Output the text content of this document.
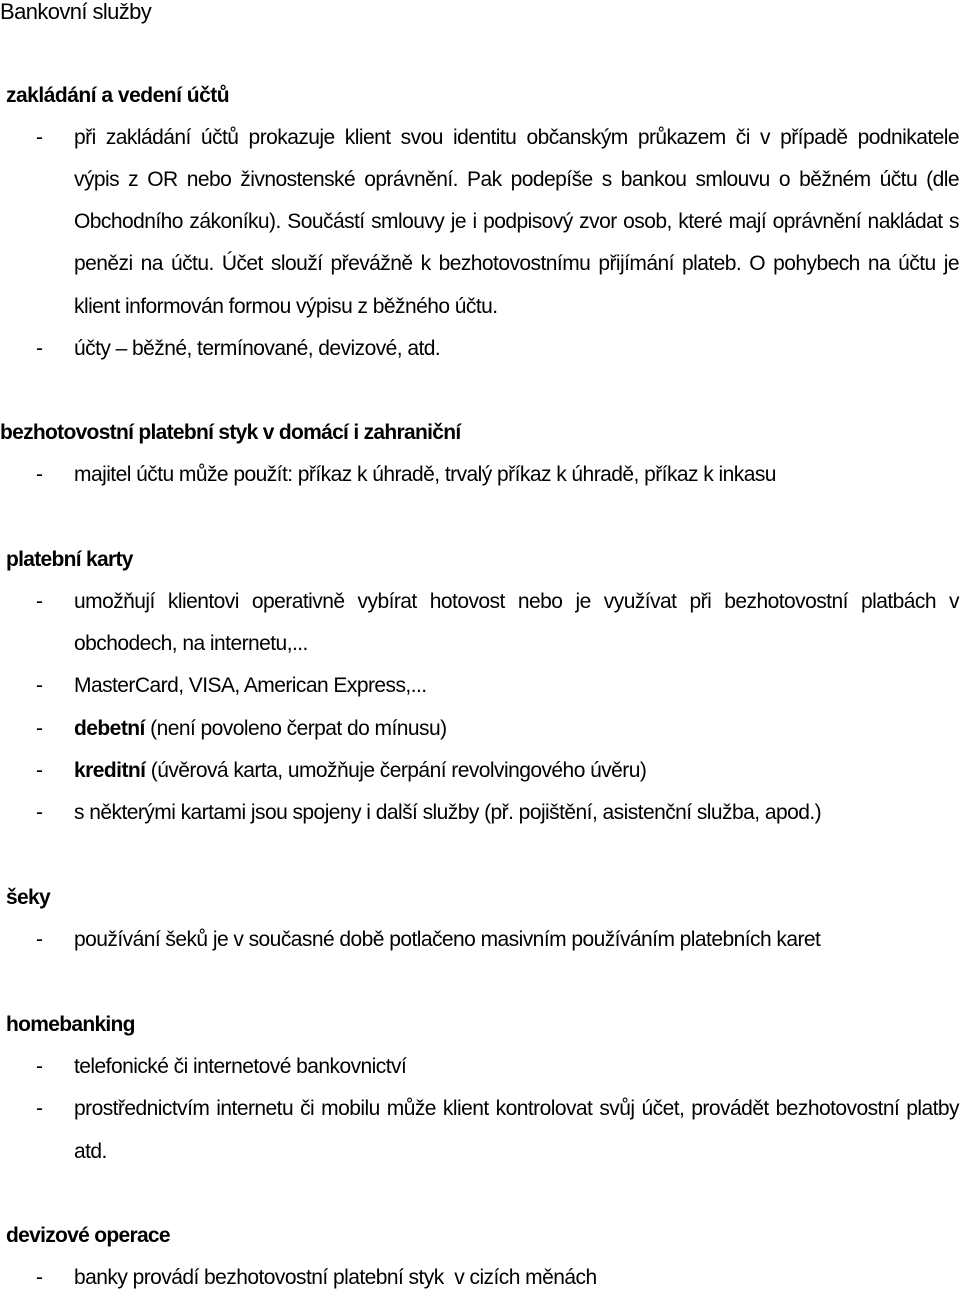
Bankovní služby
zakládání a vedení účtů
-	při zakládání účtů prokazuje klient svou identitu občanským průkazem či v případě podnikatele
výpis z OR nebo živnostenské oprávnění. Pak podepíše s bankou smlouvu o běžném účtu (dle
Obchodního zákoníku). Součástí smlouvy je i podpisový zvor osob, které mají oprávnění nakládat s
penězi na účtu. Účet slouží převážně k bezhotovostnímu přijímání plateb. O pohybech na účtu je
klient informován formou výpisu z běžného účtu.
-	účty – běžné, termínované, devizové, atd.
bezhotovostní platební styk v domácí i zahraniční
-	majitel účtu může použít: příkaz k úhradě, trvalý příkaz k úhradě, příkaz k inkasu
platební karty
-	umožňují klientovi operativně vybírat hotovost nebo je využívat při bezhotovostní platbách v
obchodech, na internetu,...
-	MasterCard, VISA, American Express,...
-	debetní (není povoleno čerpat do mínusu)
-	kreditní (úvěrová karta, umožňuje čerpání revolvingového úvěru)
-	s některými kartami jsou spojeny i další služby (př. pojištění, asistenční služba, apod.)
šeky
-	používání šeků je v současné době potlačeno masivním používáním platebních karet
homebanking
-	telefonické či internetové bankovnictví
-	prostřednictvím internetu či mobilu může klient kontrolovat svůj účet, provádět bezhotovostní platby
atd.
devizové operace
-	banky provádí bezhotovostní platební styk  v cizích měnách
